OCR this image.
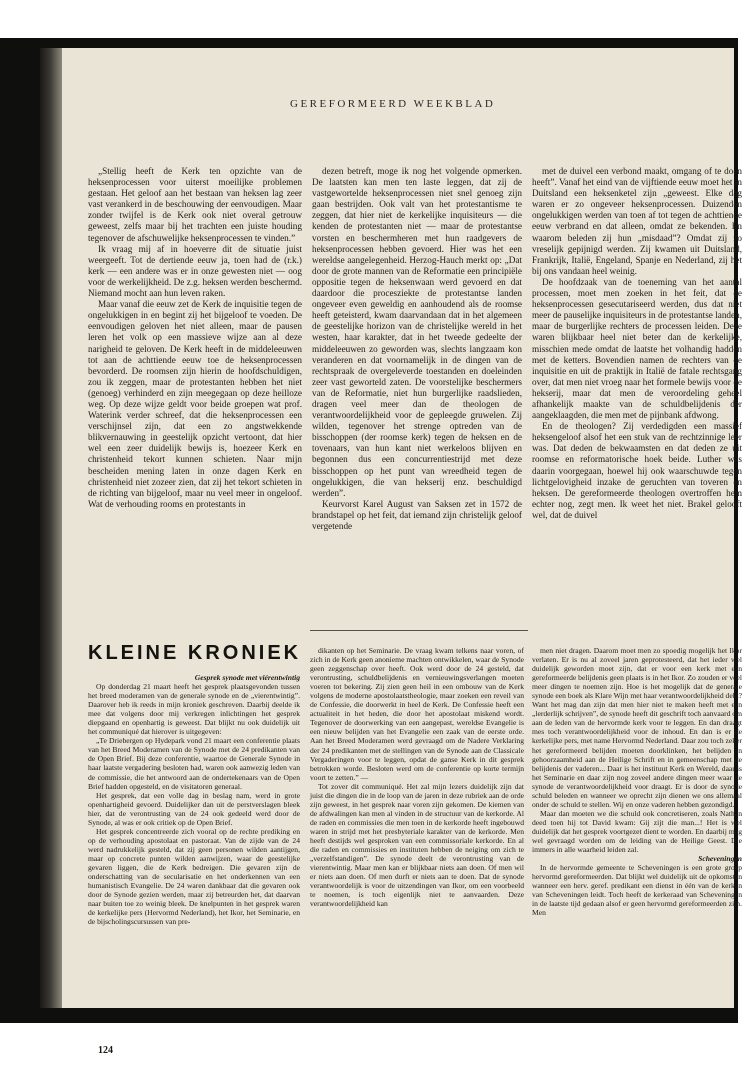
GEREFORMEERD WEEKBLAD

„Stellig heeft de Kerk ten opzichte van de heksenprocessen voor uiterst moeilijke problemen gestaan. Het geloof aan het bestaan van heksen lag zeer vast verankerd in de beschouwing der eenvoudigen. Maar zonder twijfel is de Kerk ook niet overal getrouw geweest, zelfs maar bij het trachten een juiste houding tegenover de afschuwelijke heksenprocessen te vinden.”

Ik vraag mij af in hoeverre dit de situatie juist weergeeft. Tot de dertiende eeuw ja, toen had de (r.k.) kerk — een andere was er in onze gewesten niet — oog voor de werkelijkheid. De z.g. heksen werden beschermd. Niemand mocht aan hun leven raken.

Maar vanaf die eeuw zet de Kerk de inquisitie tegen de ongelukkigen in en begint zij het bijgeloof te voeden. De eenvoudigen geloven het niet alleen, maar de pausen leren het volk op een massieve wijze aan al deze narigheid te geloven. De Kerk heeft in de middeleeuwen tot aan de achttiende eeuw toe de heksenprocessen bevorderd. De roomsen zijn hierin de hoofdschuldigen, zou ik zeggen, maar de protestanten hebben het niet (genoeg) verhinderd en zijn meegegaan op deze heilloze weg. Op deze wijze geldt voor beide groepen wat prof. Waterink verder schreef, dat die heksenprocessen een verschijnsel zijn, dat een zo angstwekkende blikvernauwing in geestelijk opzicht vertoont, dat hier wel een zeer duidelijk bewijs is, hoezeer Kerk en christenheid tekort kunnen schieten. Naar mijn bescheiden mening laten in onze dagen Kerk en christenheid niet zozeer zien, dat zij het tekort schieten in de richting van bijgeloof, maar nu veel meer in ongeloof. Wat de verhouding rooms en protestants in

dezen betreft, moge ik nog het volgende opmerken. De laatsten kan men ten laste leggen, dat zij de vastgewortelde heksenprocessen niet snel genoeg zijn gaan bestrijden. Ook valt van het protestantisme te zeggen, dat hier niet de kerkelijke inquisiteurs — die kenden de protestanten niet — maar de protestantse vorsten en beschermheren met hun raadgevers de heksenprocessen hebben gevoerd. Hier was het een wereldse aangelegenheid. Herzog-Hauch merkt op: „Dat door de grote mannen van de Reformatie een principiële oppositie tegen de heksenwaan werd gevoerd en dat daardoor die procesziekte de protestantse landen ongeveer even geweldig en aanhoudend als de roomse heeft geteisterd, kwam daarvandaan dat in het algemeen de geestelijke horizon van de christelijke wereld in het westen, haar karakter, dat in het tweede gedeelte der middeleeuwen zo geworden was, slechts langzaam kon veranderen en dat voornamelijk in de dingen van de rechtspraak de overgeleverde toestanden en doeleinden zeer vast geworteld zaten. De voorstelijke beschermers van de Reformatie, niet hun burgerlijke raadslieden, dragen veel meer dan de theologen de verantwoordelijkheid voor de gepleegde gruwelen. Zij wilden, tegenover het strenge optreden van de bisschoppen (der roomse kerk) tegen de heksen en de tovenaars, van hun kant niet werkeloos blijven en begonnen dus een concurrentiestrijd met deze bisschoppen op het punt van wreedheid tegen de ongelukkigen, die van hekserij enz. beschuldigd werden”.

Keurvorst Karel August van Saksen zet in 1572 de brandstapel op het feit, dat iemand zijn christelijk geloof vergetende

met de duivel een verbond maakt, omgang of te doen heeft”. Vanaf het eind van de vijftiende eeuw moet het in Duitsland een heksenketel zijn „geweest. Elke dag waren er zo ongeveer heksenprocessen. Duizenden ongelukkigen werden van toen af tot tegen de achttiende eeuw verbrand en dat alleen, omdat ze bekenden. En waarom beleden zij hun „misdaad”? Omdat zij zo vreselijk gepijnigd werden. Zij kwamen uit Duitsland, Frankrijk, Italië, Engeland, Spanje en Nederland, zij het bij ons vandaan heel weinig.

De hoofdzaak van de toeneming van het aantal processen, moet men zoeken in het feit, dat de heksenprocessen gesecutariseerd werden, dus dat niet meer de pauselijke inquisiteurs in de protestantse landen, maar de burgerlijke rechters de processen leiden. Deze waren blijkbaar heel niet beter dan de kerkelijke, misschien mede omdat de laatste het volhandig hadden met de ketters. Bovendien namen de rechters van de inquisitie en uit de praktijk in Italië de fatale rechtsgang over, dat men niet vroeg naar het formele bewijs voor de hekserij, maar dat men de veroordeling geheel afhankelijk maakte van de schuldbelijdenis der aangeklaagden, die men met de pijnbank afdwong.

En de theologen? Zij verdedigden een massief heksengeloof alsof het een stuk van de rechtzinnige leer was. Dat deden de bekwaamsten en dat deden ze uit roomse en reformatorische hoek beide. Luther was daarin voorgegaan, hoewel hij ook waarschuwde tegen lichtgelovigheid inzake de geruchten van toveren en heksen. De gereformeerde theologen overtroffen hem echter nog, zegt men. Ik weet het niet. Brakel gelooft wel, dat de duivel

KLEINE KRONIEK

Gesprek synode met viérentwintig

Op donderdag 21 maart heeft het gesprek plaatsgevonden tussen het breed moderamen van de generale synode en de „vierentwintig”. Daarover heb ik reeds in mijn kroniek geschreven. Daarbij deelde ik mee dat volgens door mij verkregen inlichtingen het gesprek diepgaand en openhartig is geweest. Dat blijkt nu ook duidelijk uit het communiqué dat hierover is uitgegeven:

„Te Driebergen op Hydepark vond 21 maart een conferentie plaats van het Breed Moderamen van de Synode met de 24 predikanten van de Open Brief. Bij deze conferentie, waartoe de Generale Synode in haar laatste vergadering besloten had, waren ook aanwezig leden van de commissie, die het antwoord aan de ondertekenaars van de Open Brief hadden opgesteld, en de visitatoren generaal.

Het gesprek, dat een volle dag in beslag nam, werd in grote openhartigheid gevoerd. Duidelijker dan uit de perstverslagen bleek hier, dat de verontrusting van de 24 ook gedeeld werd door de Synode, al was er ook critiek op de Open Brief.

Het gesprek concentreerde zich vooral op de rechte prediking en op de verhouding apostolaat en pastoraat. Van de zijde van de 24 werd nadrukkelijk gesteld, dat zij geen personen wilden aantijgen, maar op concrete punten wilden aanwijzen, waar de geestelijke gevaren liggen, die de Kerk bedreigen. Die gevaren zijn de onderschatting van de secularisatie en het onderkennen van een humanistisch Evangelie. De 24 waren dankbaar dat die gevaren ook door de Synode gezien werden, maar zij betreurden het, dat daarvan naar buiten toe zo weinig bleek. De knelpunten in het gesprek waren de kerkelijke pers (Hervormd Nederland), het Ikor, het Seminarie, en de bijscholingscursussen van pre-

dikanten op het Seminarie. De vraag kwam telkens naar voren, of zich in de Kerk geen anonieme machten ontwikkelen, waar de Synode geen zeggenschap over heeft. Ook werd door de 24 gesteld, dat verontrusting, schuldbelijdenis en vernieuwingsverlangen moeten voeren tot bekering. Zij zien geen heil in een ombouw van de Kerk volgens de moderne apostolaatstheologie, maar zoeken een reveil van de Confessie, die doorwerkt in heel de Kerk. De Confessie heeft een actualiteit in het heden, die door het apostolaat miskend wordt. Tegenover de doorwerking van een aangepast, wereldse Evangelie is een nieuw belijden van het Evangelie een zaak van de eerste orde. Aan het Breed Moderamen werd gevraagd om de Nadere Verklaring der 24 predikanten met de stellingen van de Synode aan de Classicale Vergaderingen voor te leggen, opdat de ganse Kerk in dit gesprek betrokken worde. Besloten werd om de conferentie op korte termijn voort te zetten.” —

Tot zover dit communiqué. Het zal mijn lezers duidelijk zijn dat juist die dingen die in de loop van de jaren in deze rubriek aan de orde zijn geweest, in het gesprek naar voren zijn gekomen. De kiemen van de afdwalingen kan men al vinden in de structuur van de kerkorde. Al de raden en commissies die men toen in de kerkorde heeft ingebouwd waren in strijd met het presbyteriale karakter van de kerkorde. Men heeft destijds wel gesproken van een commissoriale kerkorde. En al die raden en commissies en instituten hebben de neiging om zich te „verzelfstandigen”. De synode deelt de verontrusting van de vierentwintig. Maar men kan er blijkbaar niets aan doen. Of men wil er niets aan doen. Of men durft er niets aan te doen. Dat de synode verantwoordelijk is voor de uitzendingen van Ikor, om een voorbeeld te noemen, is toch eigenlijk niet te aanvaarden. Deze verantwoordelijkheid kan

men niet dragen. Daarom moet men zo spoedig mogelijk het Ikor verlaten. Er is nu al zoveel jaren geprotesteerd, dat het ieder wel duidelijk geworden moet zijn, dat er voor een kerk met een gereformeerde belijdenis geen plaats is in het Ikor. Zo zouden er veel meer dingen te noemen zijn. Hoe is het mogelijk dat de generale synode een boek als Klare Wijn met haar verantwoordelijkheid dekt? Want het mag dan zijn dat men hier niet te maken heeft met een „lerderlijk schrijven”, de synode heeft dit geschrift toch aanvaard om aan de leden van de hervormde kerk voor te leggen. En dan draagt mes toch verantwoordelijkheid voor de inhoud. En dan is er de kerkelijke pers, met name Hervormd Nederland. Daar zou toch zeker het gereformeerd belijden moeten doorklinken, het belijden in gehoorzaamheid aan de Heilige Schrift en in gemeenschap met de belijdenis der vaderen... Daar is het instituut Kerk en Wereld, daar is het Seminarie en daar zijn nog zoveel andere dingen meer waar de synode de verantwoordelijkheid voor draagt. Er is door de synode schuld beleden en wanneer we oprecht zijn dienen we ons allemaal onder de schuld te stellen. Wij en onze vaderen hebben gezondigd...

Maar dan moeten we die schuld ook concretiseren, zoals Nathan deed toen hij tot David kwam: Gij zijt die man...! Het is wel duidelijk dat het gesprek voortgezet dient te worden. En daarbij mag wel gevraagd worden om de leiding van de Heilige Geest. Die immers in alle waarheid leiden zal.

Scheveningen

In de hervormde gemeente te Scheveningen is een grote groep hervormd gereformeerden. Dat blijkt wel duidelijk uit de opkomsten wanneer een herv. geref. predikant een dienst in één van de kerken van Scheveningen leidt. Toch heeft de kerkeraad van Scheveningen in de laatste tijd gedaan alsof er geen hervormd gereformeerden zijn. Men

124
